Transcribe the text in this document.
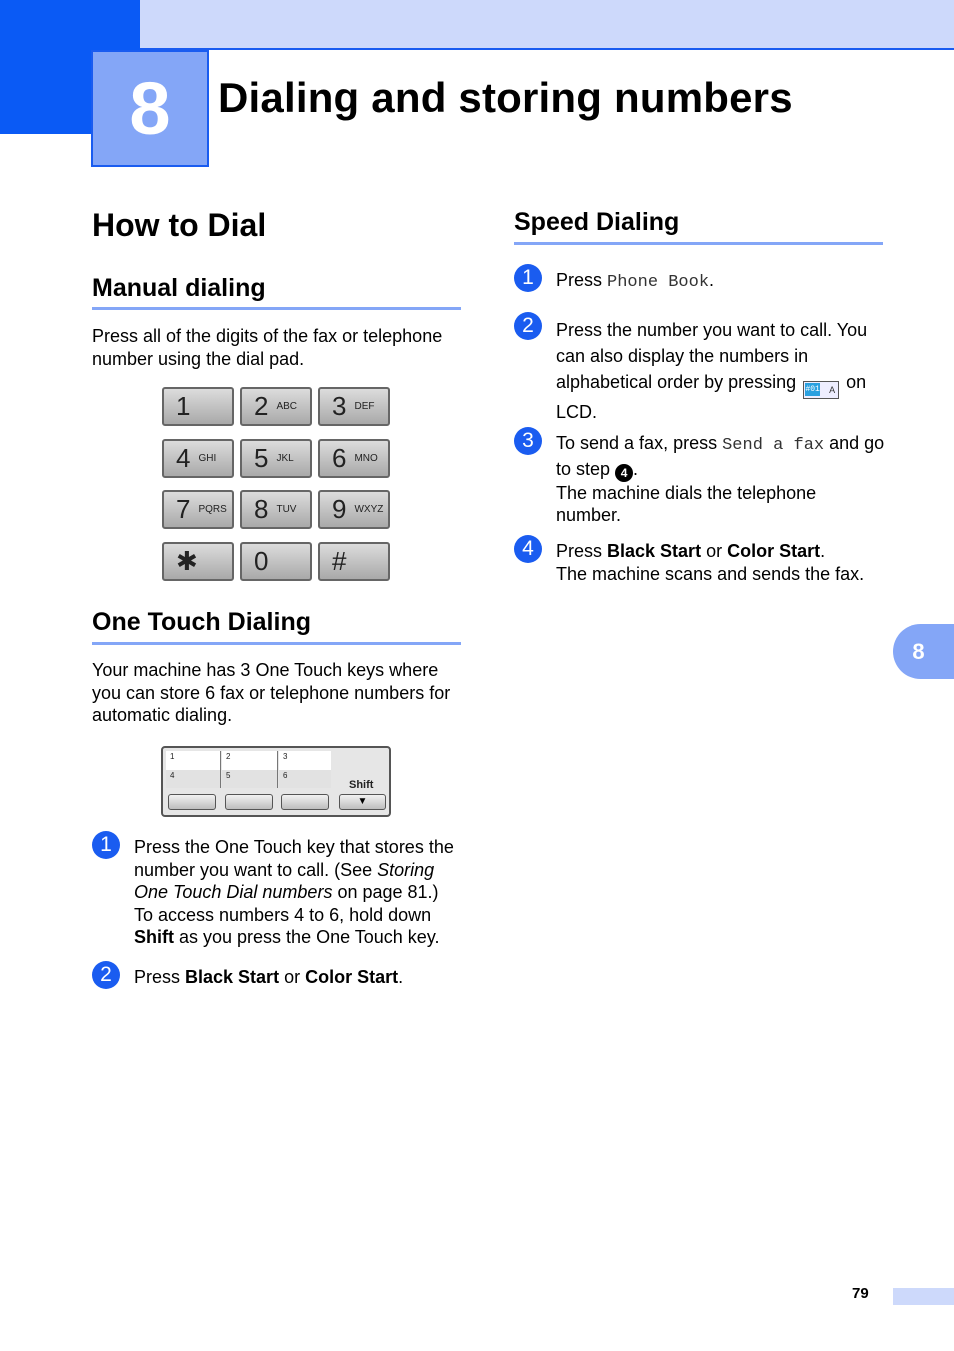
8 Dialing and storing numbers
How to Dial
Manual dialing
Press all of the digits of the fax or telephone number using the dial pad.
1 2 ABC 3 DEF
4 GHI 5 JKL 6 MNO
7 PQRS 8 TUV 9 WXYZ
✱ 0 #
One Touch Dialing
Your machine has 3 One Touch keys where you can store 6 fax or telephone numbers for automatic dialing.
1	2	3
4	5	6
Shift
▼
1	Press the One Touch key that stores the number you want to call. (See Storing One Touch Dial numbers on page 81.)
To access numbers 4 to 6, hold down Shift as you press the One Touch key.
2	Press Black Start or Color Start.
Speed Dialing
1	Press Phone Book.
2	Press the number you want to call. You can also display the numbers in alphabetical order by pressing #01 A on LCD.
3	To send a fax, press Send a fax and go to step 4 .
The machine dials the telephone number.
4	Press Black Start or Color Start.
The machine scans and sends the fax.
8
79
